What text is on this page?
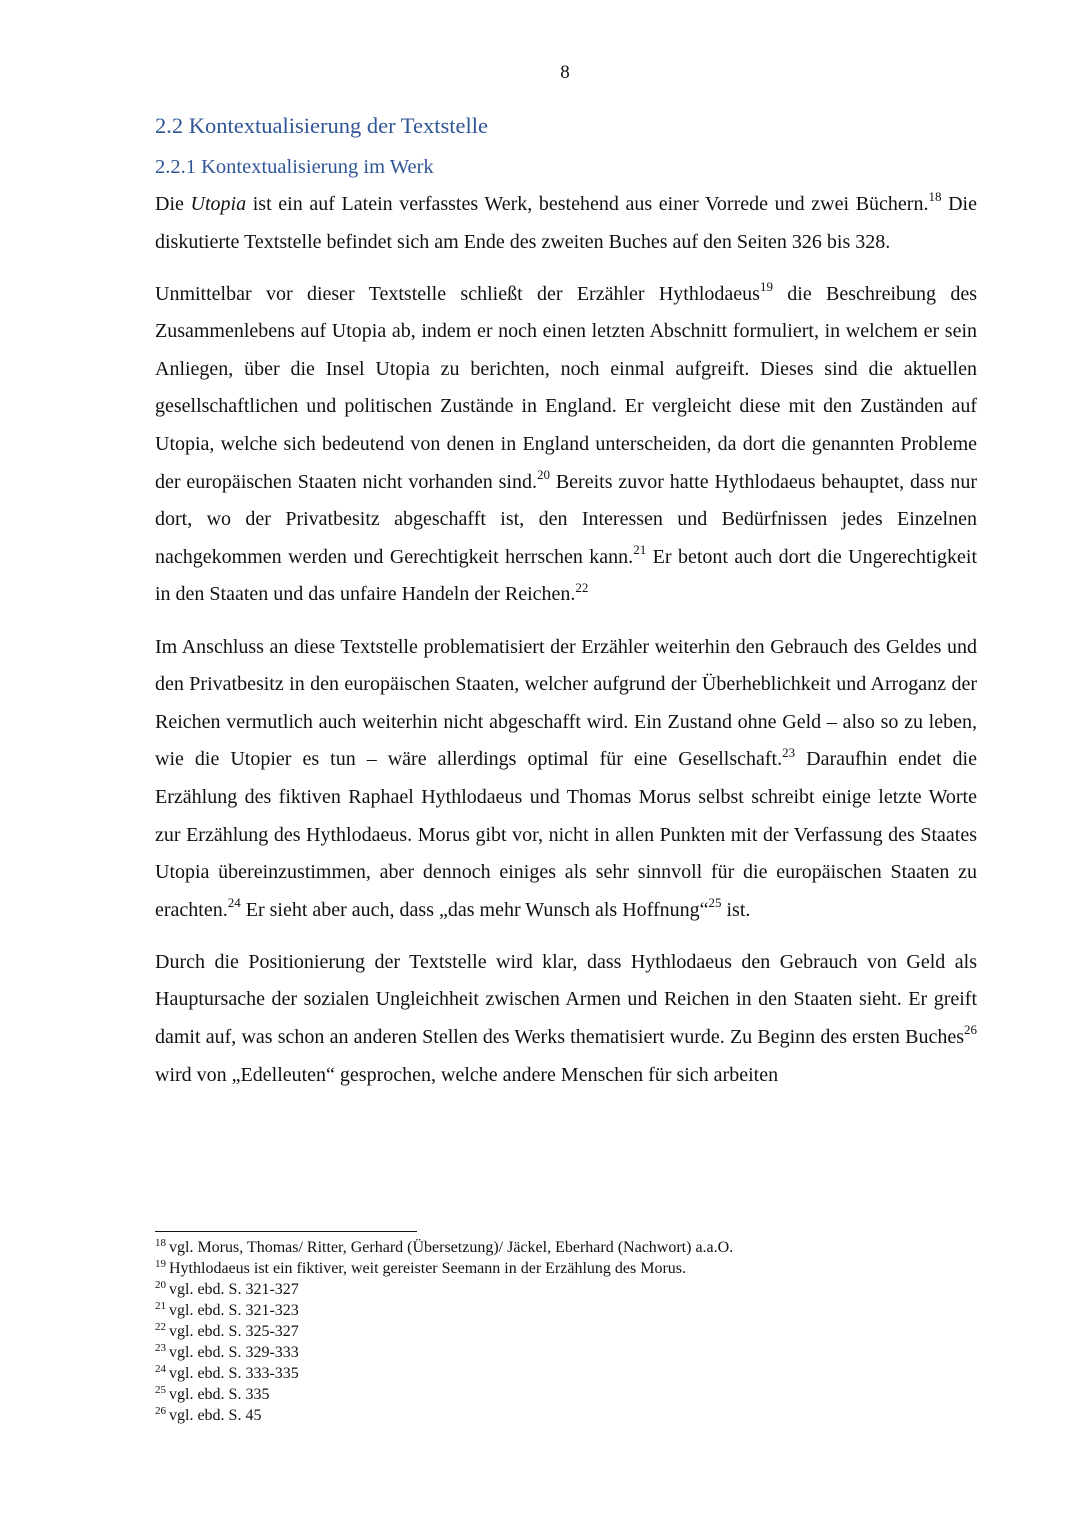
8
2.2 Kontextualisierung der Textstelle
2.2.1 Kontextualisierung im Werk

Die Utopia ist ein auf Latein verfasstes Werk, bestehend aus einer Vorrede und zwei Büchern.$^{18}$ Die diskutierte Textstelle befindet sich am Ende des zweiten Buches auf den Seiten 326 bis 328.

Unmittelbar vor dieser Textstelle schließt der Erzähler Hythlodaeus$^{19}$ die Beschreibung des Zusammenlebens auf Utopia ab, indem er noch einen letzten Abschnitt formuliert, in welchem er sein Anliegen, über die Insel Utopia zu berichten, noch einmal aufgreift. Dieses sind die aktuellen gesellschaftlichen und politischen Zustände in England. Er vergleicht diese mit den Zuständen auf Utopia, welche sich bedeutend von denen in England unterscheiden, da dort die genannten Probleme der europäischen Staaten nicht vorhanden sind.$^{20}$ Bereits zuvor hatte Hythlodaeus behauptet, dass nur dort, wo der Privatbesitz abgeschafft ist, den Interessen und Bedürfnissen jedes Einzelnen nachgekommen werden und Gerechtigkeit herrschen kann.$^{21}$ Er betont auch dort die Ungerechtigkeit in den Staaten und das unfaire Handeln der Reichen.$^{22}$

Im Anschluss an diese Textstelle problematisiert der Erzähler weiterhin den Gebrauch des Geldes und den Privatbesitz in den europäischen Staaten, welcher aufgrund der Überheblichkeit und Arroganz der Reichen vermutlich auch weiterhin nicht abgeschafft wird. Ein Zustand ohne Geld – also so zu leben, wie die Utopier es tun – wäre allerdings optimal für eine Gesellschaft.$^{23}$ Daraufhin endet die Erzählung des fiktiven Raphael Hythlodaeus und Thomas Morus selbst schreibt einige letzte Worte zur Erzählung des Hythlodaeus. Morus gibt vor, nicht in allen Punkten mit der Verfassung des Staates Utopia übereinzustimmen, aber dennoch einiges als sehr sinnvoll für die europäischen Staaten zu erachten.$^{24}$ Er sieht aber auch, dass „das mehr Wunsch als Hoffnung“$^{25}$ ist.

Durch die Positionierung der Textstelle wird klar, dass Hythlodaeus den Gebrauch von Geld als Hauptursache der sozialen Ungleichheit zwischen Armen und Reichen in den Staaten sieht. Er greift damit auf, was schon an anderen Stellen des Werks thematisiert wurde. Zu Beginn des ersten Buches$^{26}$ wird von „Edelleuten“ gesprochen, welche andere Menschen für sich arbeiten

$^{18}$ vgl. Morus, Thomas/ Ritter, Gerhard (Übersetzung)/ Jäckel, Eberhard (Nachwort) a.a.O.

$^{19}$ Hythlodaeus ist ein fiktiver, weit gereister Seemann in der Erzählung des Morus.

$^{20}$ vgl. ebd. S. 321-327

$^{21}$ vgl. ebd. S. 321-323

$^{22}$ vgl. ebd. S. 325-327

$^{23}$ vgl. ebd. S. 329-333

$^{24}$ vgl. ebd. S. 333-335

$^{25}$ vgl. ebd. S. 335

$^{26}$ vgl. ebd. S. 45
